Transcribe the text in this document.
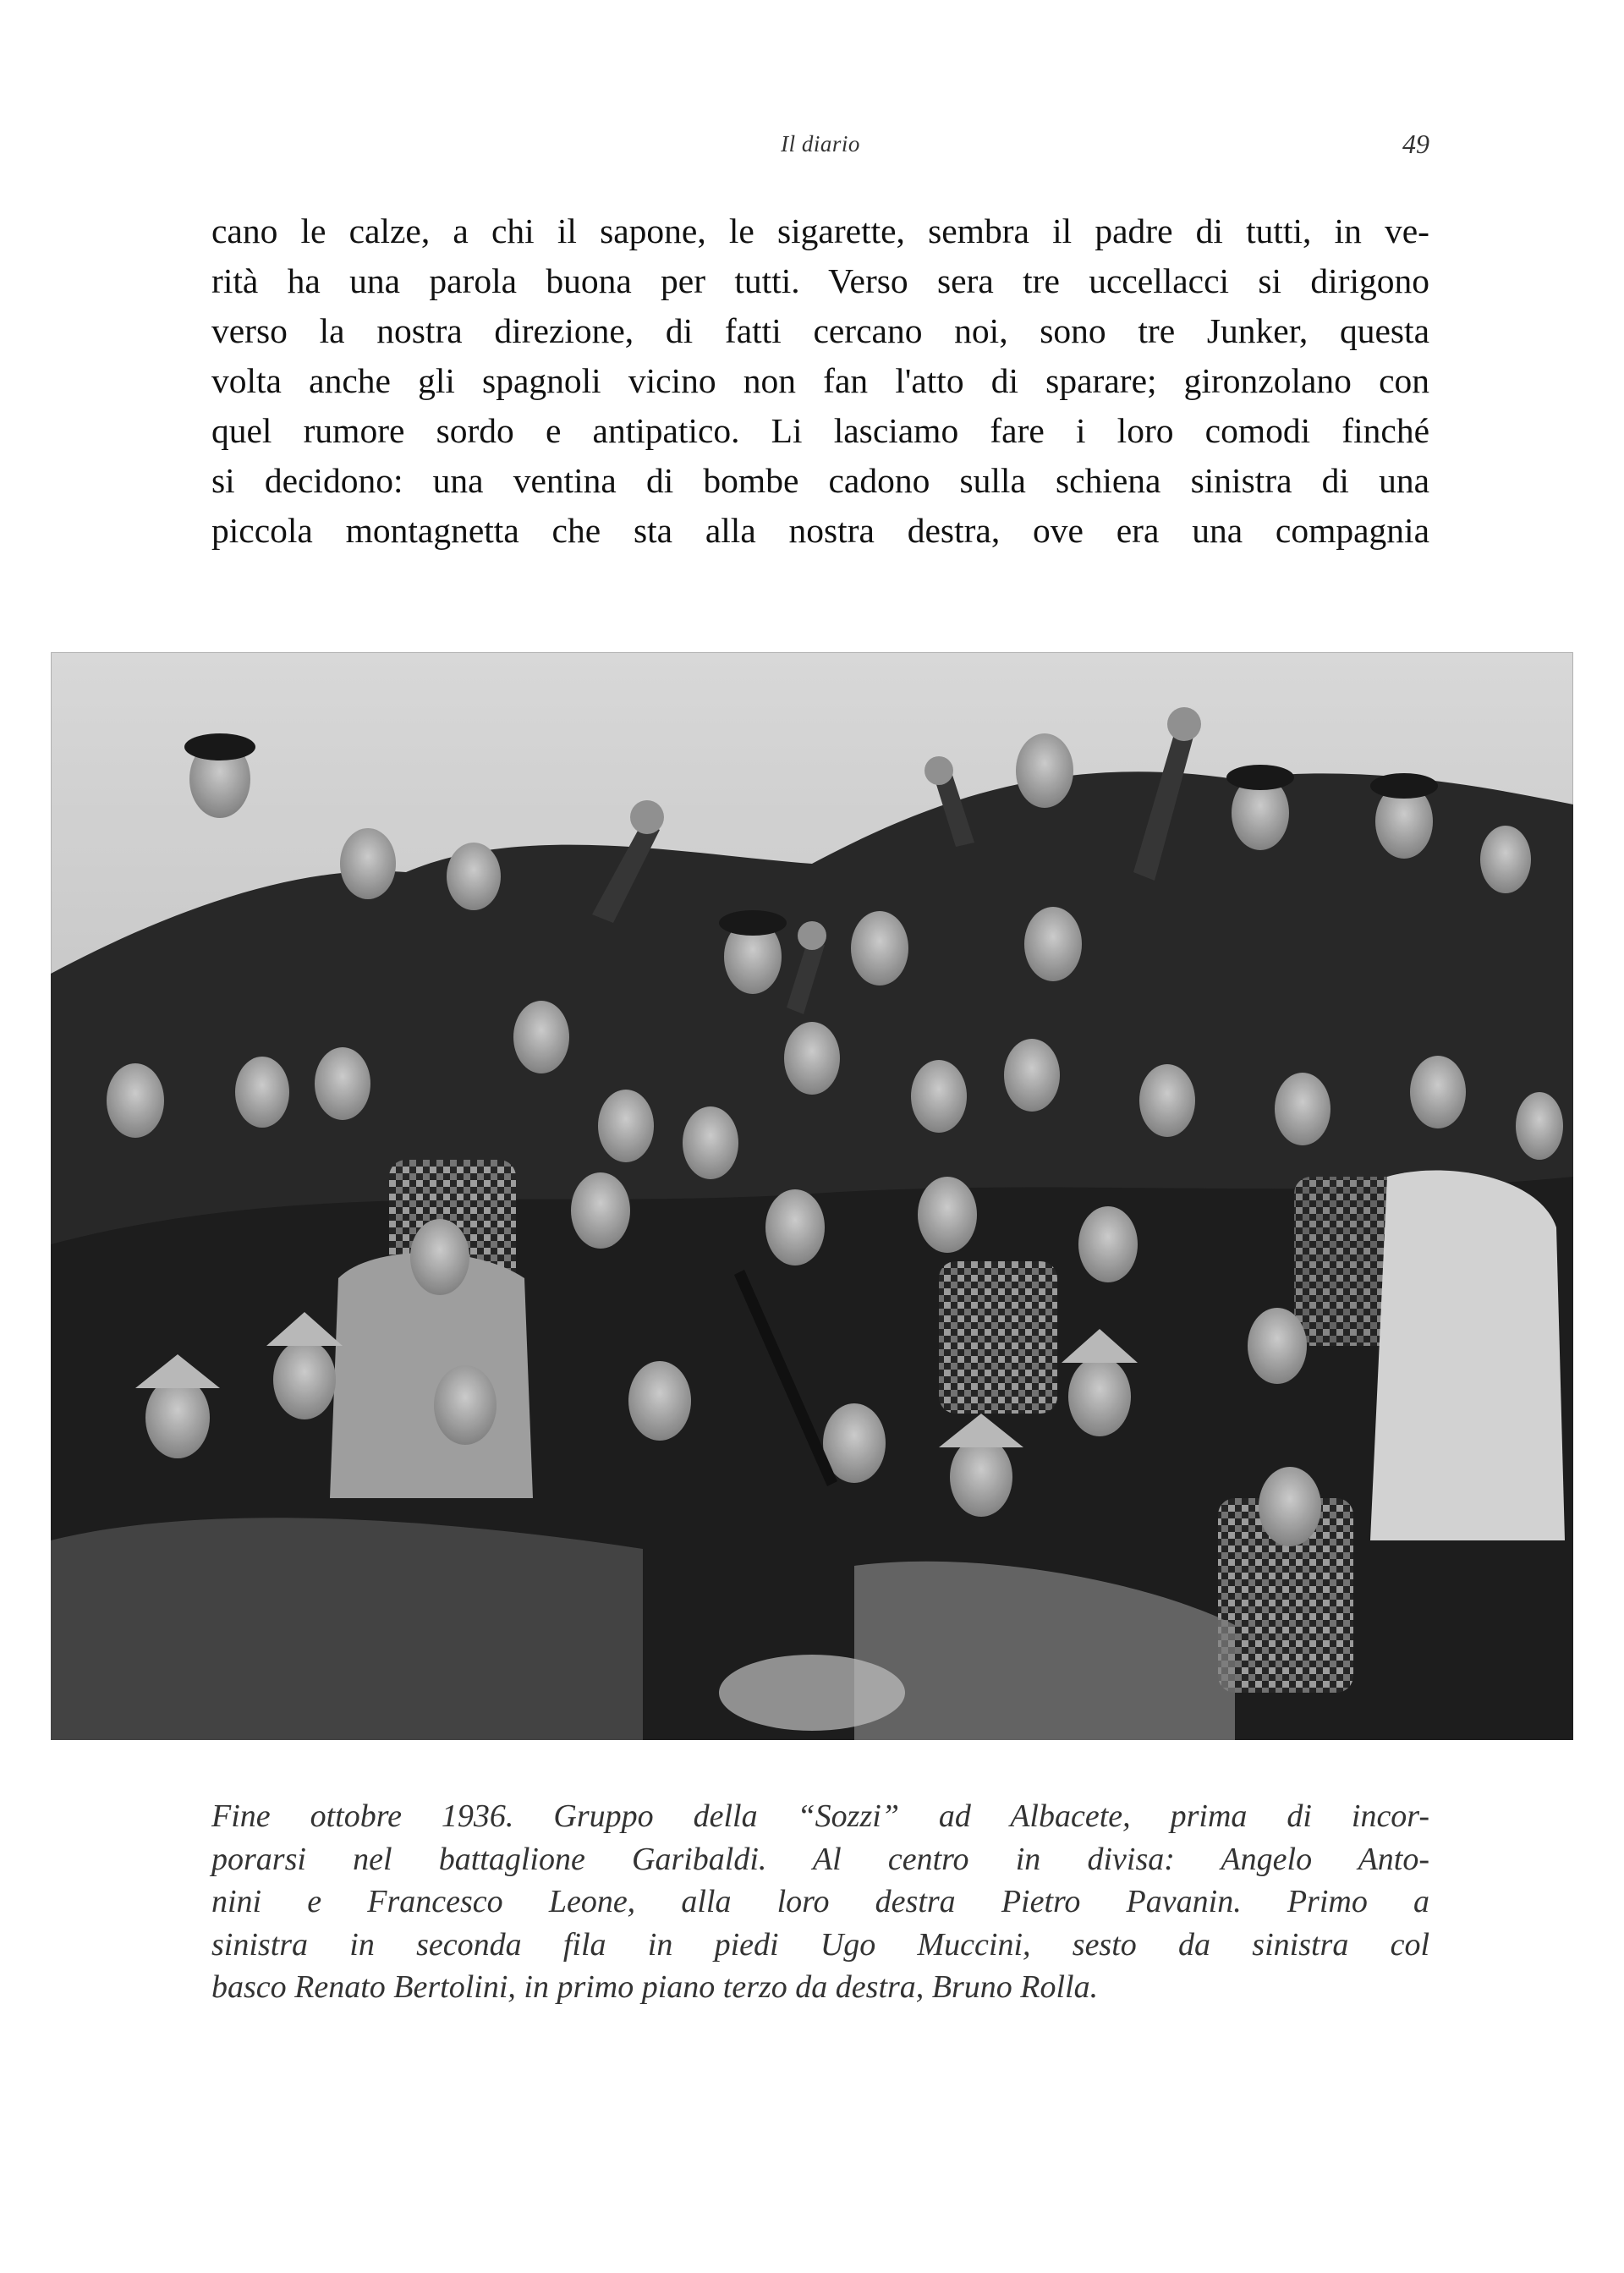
Il diario	49
cano le calze, a chi il sapone, le sigarette, sembra il padre di tutti, in ve-
rità ha una parola buona per tutti. Verso sera tre uccellacci si dirigono
verso la nostra direzione, di fatti cercano noi, sono tre Junker, questa
volta anche gli spagnoli vicino non fan l'atto di sparare; gironzolano con
quel rumore sordo e antipatico. Li lasciamo fare i loro comodi finché
si decidono: una ventina di bombe cadono sulla schiena sinistra di una
piccola montagnetta che sta alla nostra destra, ove era una compagnia
Fine ottobre 1936. Gruppo della “Sozzi” ad Albacete, prima di incor-
porarsi nel battaglione Garibaldi. Al centro in divisa: Angelo Anto-
nini e Francesco Leone, alla loro destra Pietro Pavanin. Primo a
sinistra in seconda fila in piedi Ugo Muccini, sesto da sinistra col
basco Renato Bertolini, in primo piano terzo da destra, Bruno Rolla.
